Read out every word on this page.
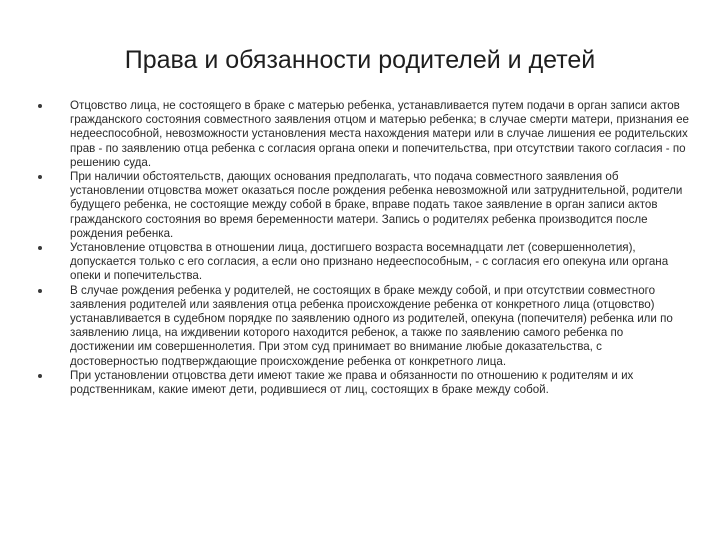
Права и обязанности родителей и детей
Отцовство лица, не состоящего в браке с матерью ребенка, устанавливается путем подачи в орган записи актов гражданского состояния совместного заявления отцом и матерью ребенка; в случае смерти матери, признания ее недееспособной, невозможности установления места нахождения матери или в случае лишения ее родительских прав - по заявлению отца ребенка с согласия органа опеки и попечительства, при отсутствии такого согласия - по решению суда.
При наличии обстоятельств, дающих основания предполагать, что подача совместного заявления об установлении отцовства может оказаться после рождения ребенка невозможной или затруднительной, родители будущего ребенка, не состоящие между собой в браке, вправе подать такое заявление в орган записи актов гражданского состояния во время беременности матери. Запись о родителях ребенка производится после рождения ребенка.
Установление отцовства в отношении лица, достигшего возраста восемнадцати лет (совершеннолетия), допускается только с его согласия, а если оно признано недееспособным, - с согласия его опекуна или органа опеки и попечительства.
В случае рождения ребенка у родителей, не состоящих в браке между собой, и при отсутствии совместного заявления родителей или заявления отца ребенка происхождение ребенка от конкретного лица (отцовство) устанавливается в судебном порядке по заявлению одного из родителей, опекуна (попечителя) ребенка или по заявлению лица, на иждивении которого находится ребенок, а также по заявлению самого ребенка по достижении им совершеннолетия. При этом суд принимает во внимание любые доказательства, с достоверностью подтверждающие происхождение ребенка от конкретного лица.
При установлении отцовства дети имеют такие же права и обязанности по отношению к родителям и их родственникам, какие имеют дети, родившиеся от лиц, состоящих в браке между собой.
